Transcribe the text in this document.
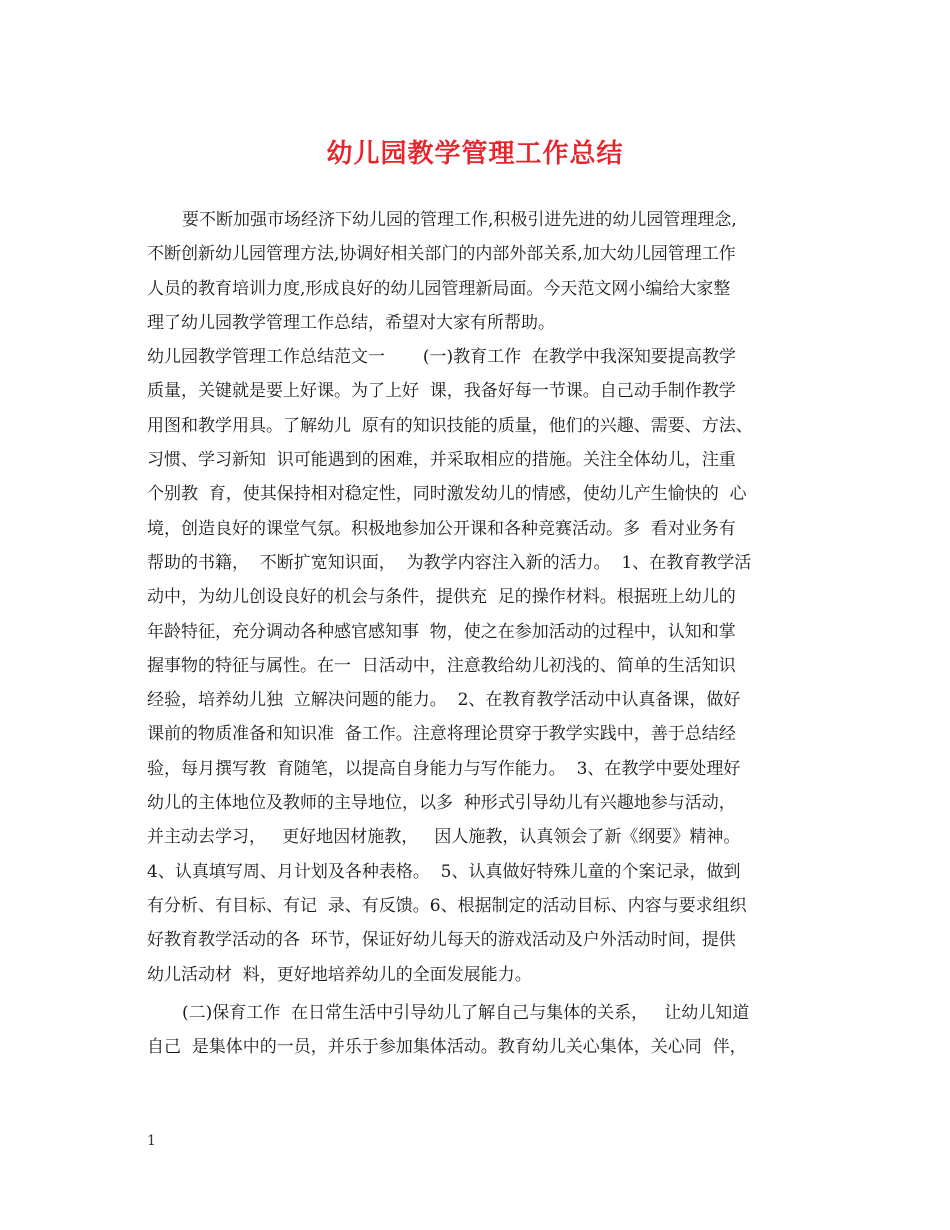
幼儿园教学管理工作总结
要不断加强市场经济下幼儿园的管理工作,积极引进先进的幼儿园管理理念,
不断创新幼儿园管理方法,协调好相关部门的内部外部关系,加大幼儿园管理工作
人员的教育培训力度,形成良好的幼儿园管理新局面。今天范文网小编给大家整
理了幼儿园教学管理工作总结，希望对大家有所帮助。
幼儿园教学管理工作总结范文一       (一)教育工作  在教学中我深知要提高教学
质量，关键就是要上好课。为了上好  课，我备好每一节课。自己动手制作教学
用图和教学用具。了解幼儿  原有的知识技能的质量，他们的兴趣、需要、方法、
习惯、学习新知  识可能遇到的困难，并采取相应的措施。关注全体幼儿，注重
个别教  育，使其保持相对稳定性，同时激发幼儿的情感，使幼儿产生愉快的  心
境，创造良好的课堂气氛。积极地参加公开课和各种竞赛活动。多  看对业务有
帮助的书籍，  不断扩宽知识面，  为教学内容注入新的活力。  1、在教育教学活
动中，为幼儿创设良好的机会与条件，提供充  足的操作材料。根据班上幼儿的
年龄特征，充分调动各种感官感知事  物，使之在参加活动的过程中，认知和掌
握事物的特征与属性。在一  日活动中，注意教给幼儿初浅的、简单的生活知识
经验，培养幼儿独  立解决问题的能力。  2、在教育教学活动中认真备课，做好
课前的物质准备和知识准  备工作。注意将理论贯穿于教学实践中，善于总结经
验，每月撰写教  育随笔，以提高自身能力与写作能力。  3、在教学中要处理好
幼儿的主体地位及教师的主导地位，以多  种形式引导幼儿有兴趣地参与活动，
并主动去学习，   更好地因材施教，   因人施教，认真领会了新《纲要》精神。
4、认真填写周、月计划及各种表格。  5、认真做好特殊儿童的个案记录，做到
有分析、有目标、有记  录、有反馈。6、根据制定的活动目标、内容与要求组织
好教育教学活动的各  环节，保证好幼儿每天的游戏活动及户外活动时间，提供
幼儿活动材  料，更好地培养幼儿的全面发展能力。
(二)保育工作  在日常生活中引导幼儿了解自己与集体的关系，   让幼儿知道
自己  是集体中的一员，并乐于参加集体活动。教育幼儿关心集体，关心同  伴，
1
